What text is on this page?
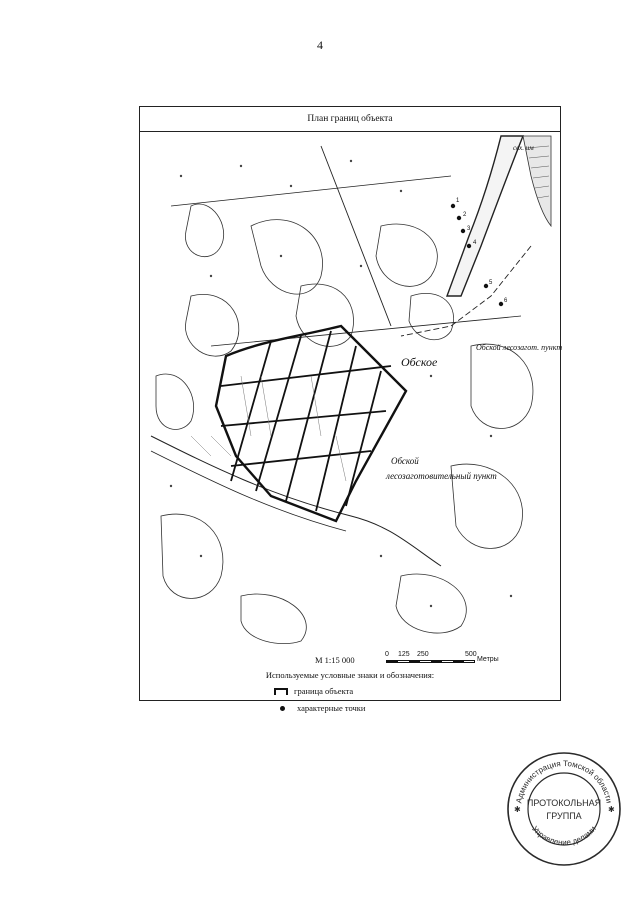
4
План границ объекта
1
2
3
4
5
6
Обское
Обской лесозагот. пункт
Обской
лесозаготовительный пункт
свх. им
М 1:15 000
0 125 250	500
Метры
Используемые условные знаки и обозначения:
граница объекта
характерные точки
Администрация Томской области
Управление делами
ПРОТОКОЛЬНАЯ
ГРУППА
✱	✱
